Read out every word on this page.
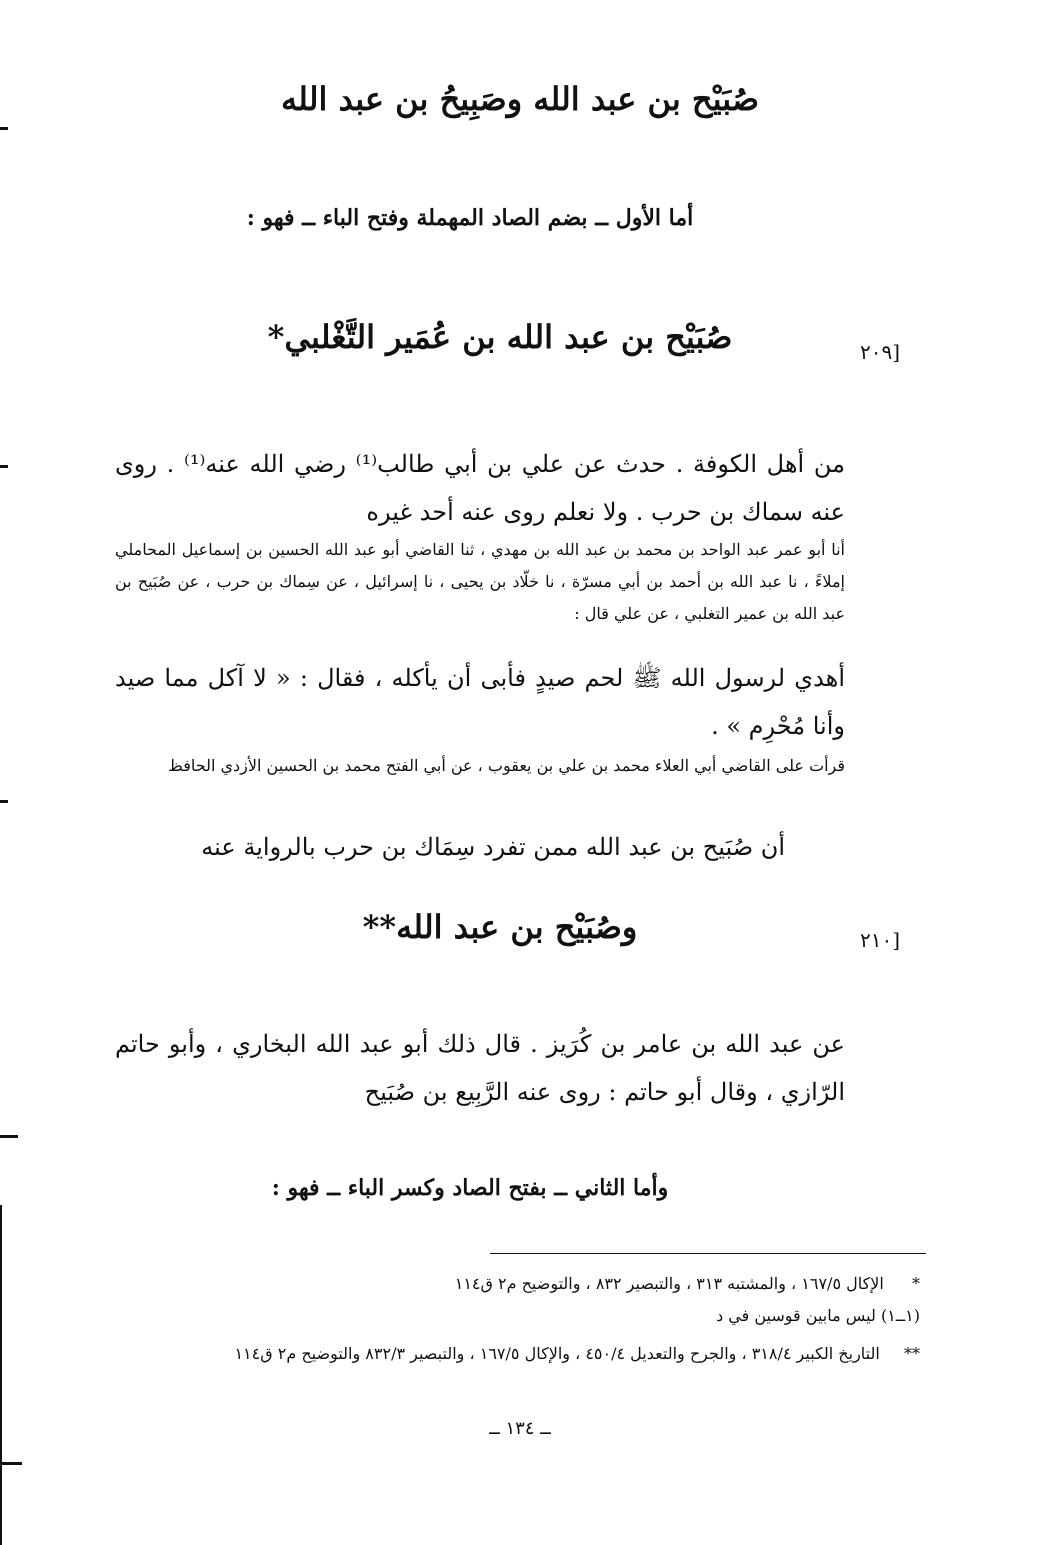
صُبَيْح بن عبد الله وصَبِيحُ بن عبد الله
أما الأول ــ بضم الصاد المهملة وفتح الباء ــ فهو :
[٢٠٩
صُبَيْح بن عبد الله بن عُمَير التَّغْلبي*
من أهل الكوفة . حدث عن علي بن أبي طالب⁽¹⁾ رضي الله عنه⁽¹⁾ . روى عنه سماك بن حرب . ولا نعلم روى عنه أحد غيره
أنا أبو عمر عبد الواحد بن محمد بن عبد الله بن مهدي ، ثنا القاضي أبو عبد الله الحسين بن إسماعيل المحاملي إملاءً ، نا عبد الله بن أحمد بن أبي مسرّة ، نا خلّاد بن يحيى ، نا إسرائيل ، عن سِماك بن حرب ، عن صُبَيح بن عبد الله بن عمير التغلبي ، عن علي قال :
أهدي لرسول الله ﷺ لحم صيدٍ فأبى أن يأكله ، فقال : « لا آكل مما صيد وأنا مُحْرِم » .
قرأت على القاضي أبي العلاء محمد بن علي بن يعقوب ، عن أبي الفتح محمد بن الحسين الأزدي الحافظ
أن صُبَيح بن عبد الله ممن تفرد سِمَاك بن حرب بالرواية عنه
[٢١٠
وصُبَيْح بن عبد الله**
عن عبد الله بن عامر بن كُرَيز . قال ذلك أبو عبد الله البخاري ، وأبو حاتم الرّازي ، وقال أبو حاتم : روى عنه الرَّبِيع بن صُبَيح
وأما الثاني ــ بفتح الصاد وكسر الباء ــ فهو :
*  الإكال ١٦٧/٥ ، والمشتبه ٣١٣ ، والتبصير ٨٣٢ ، والتوضيح م٢ ق١١٤
(١ــ١) ليس مابين قوسين في د
**  التاريخ الكبير ٣١٨/٤ ، والجرح والتعديل ٤٥٠/٤ ، والإكال ١٦٧/٥ ، والتبصير ٨٣٢/٣ والتوضيح م٢ ق١١٤
ــ ١٣٤ ــ
